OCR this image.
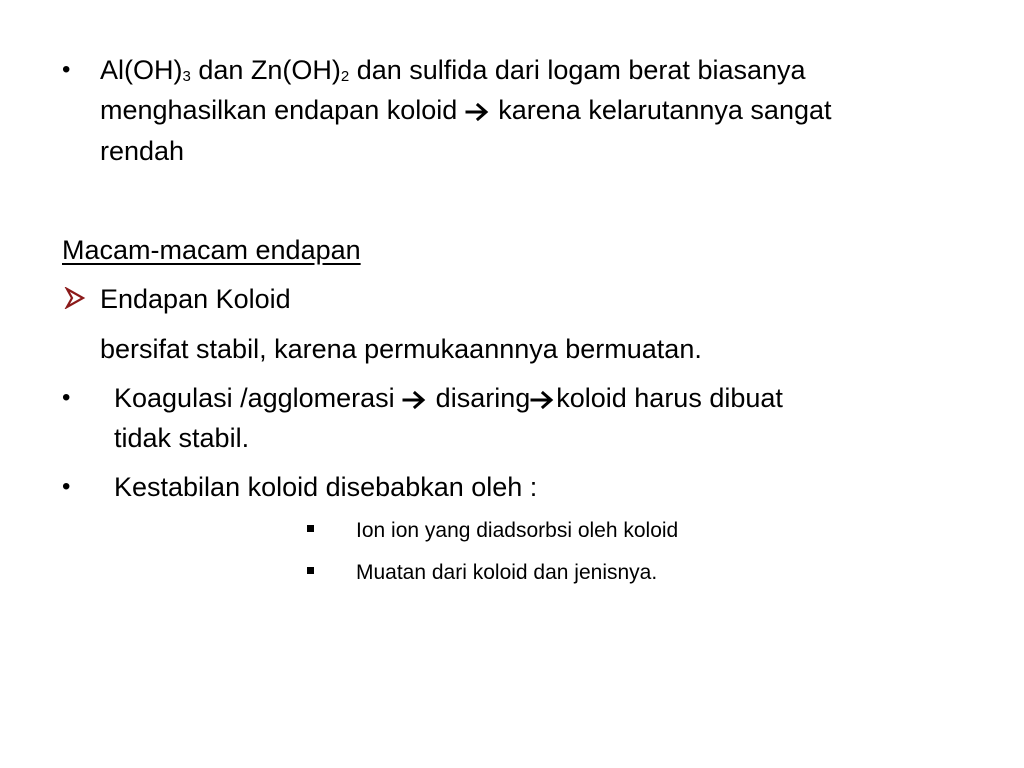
• $Al(OH)_3$ dan $Zn(OH)_2$ dan sulfida dari logam berat biasanya
menghasilkan endapan koloid  karena kelarutannya sangat
rendah
Macam-macam endapan
Endapan Koloid
bersifat stabil, karena permukaannnya bermuatan.
• Koagulasi /agglomerasi  disaring koloid harus dibuat
tidak stabil.
• Kestabilan koloid disebabkan oleh :
Ion ion yang diadsorbsi oleh koloid
Muatan dari koloid dan jenisnya.
